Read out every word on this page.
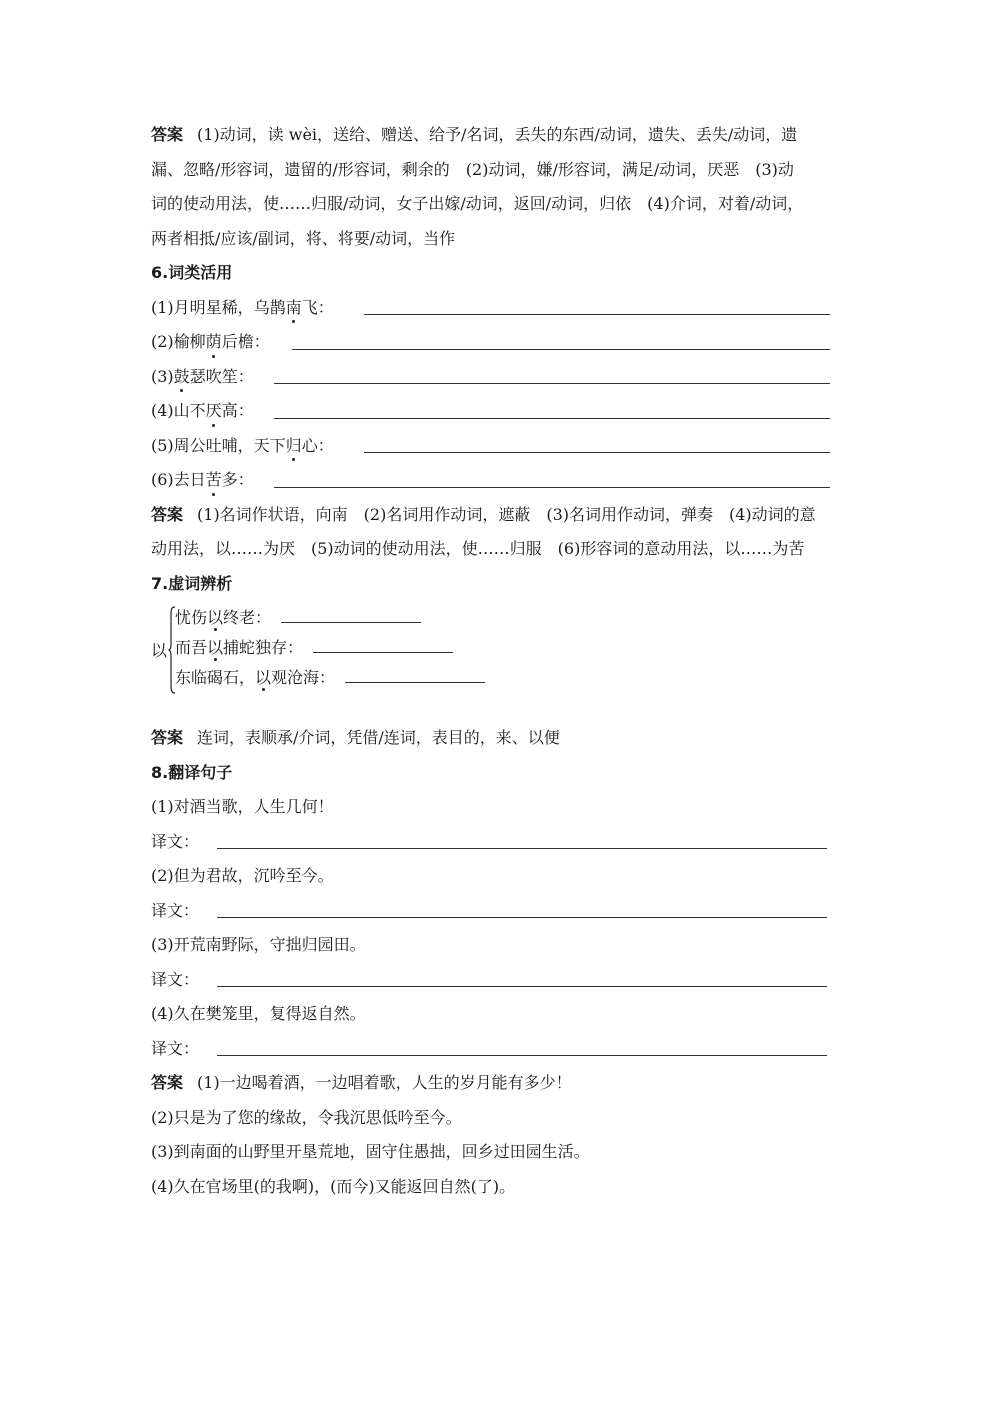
答案 (1)动词，读 wèi，送给、赠送、给予/名词，丢失的东西/动词，遗失、丢失/动词，遗
漏、忽略/形容词，遗留的/形容词，剩余的　(2)动词，嫌/形容词，满足/动词，厌恶　(3)动
词的使动用法，使……归服/动词，女子出嫁/动词，返回/动词，归依　(4)介词，对着/动词，
两者相抵/应该/副词，将、将要/动词，当作
6.词类活用
(1)月明星稀，乌鹊南飞：
(2)榆柳荫后檐：
(3)鼓瑟吹笙：
(4)山不厌高：
(5)周公吐哺，天下归心：
(6)去日苦多：
答案 (1)名词作状语，向南　(2)名词用作动词，遮蔽　(3)名词用作动词，弹奏　(4)动词的意
动用法，以……为厌　(5)动词的使动用法，使……归服　(6)形容词的意动用法，以……为苦
7.虚词辨析
以
忧伤以终老：
而吾以捕蛇独存：
东临碣石，以观沧海：
答案 连词，表顺承/介词，凭借/连词，表目的，来、以便
8.翻译句子
(1)对酒当歌，人生几何！
译文：
(2)但为君故，沉吟至今。
译文：
(3)开荒南野际，守拙归园田。
译文：
(4)久在樊笼里，复得返自然。
译文：
答案 (1)一边喝着酒，一边唱着歌，人生的岁月能有多少！
(2)只是为了您的缘故，令我沉思低吟至今。
(3)到南面的山野里开垦荒地，固守住愚拙，回乡过田园生活。
(4)久在官场里(的我啊)，(而今)又能返回自然(了)。
